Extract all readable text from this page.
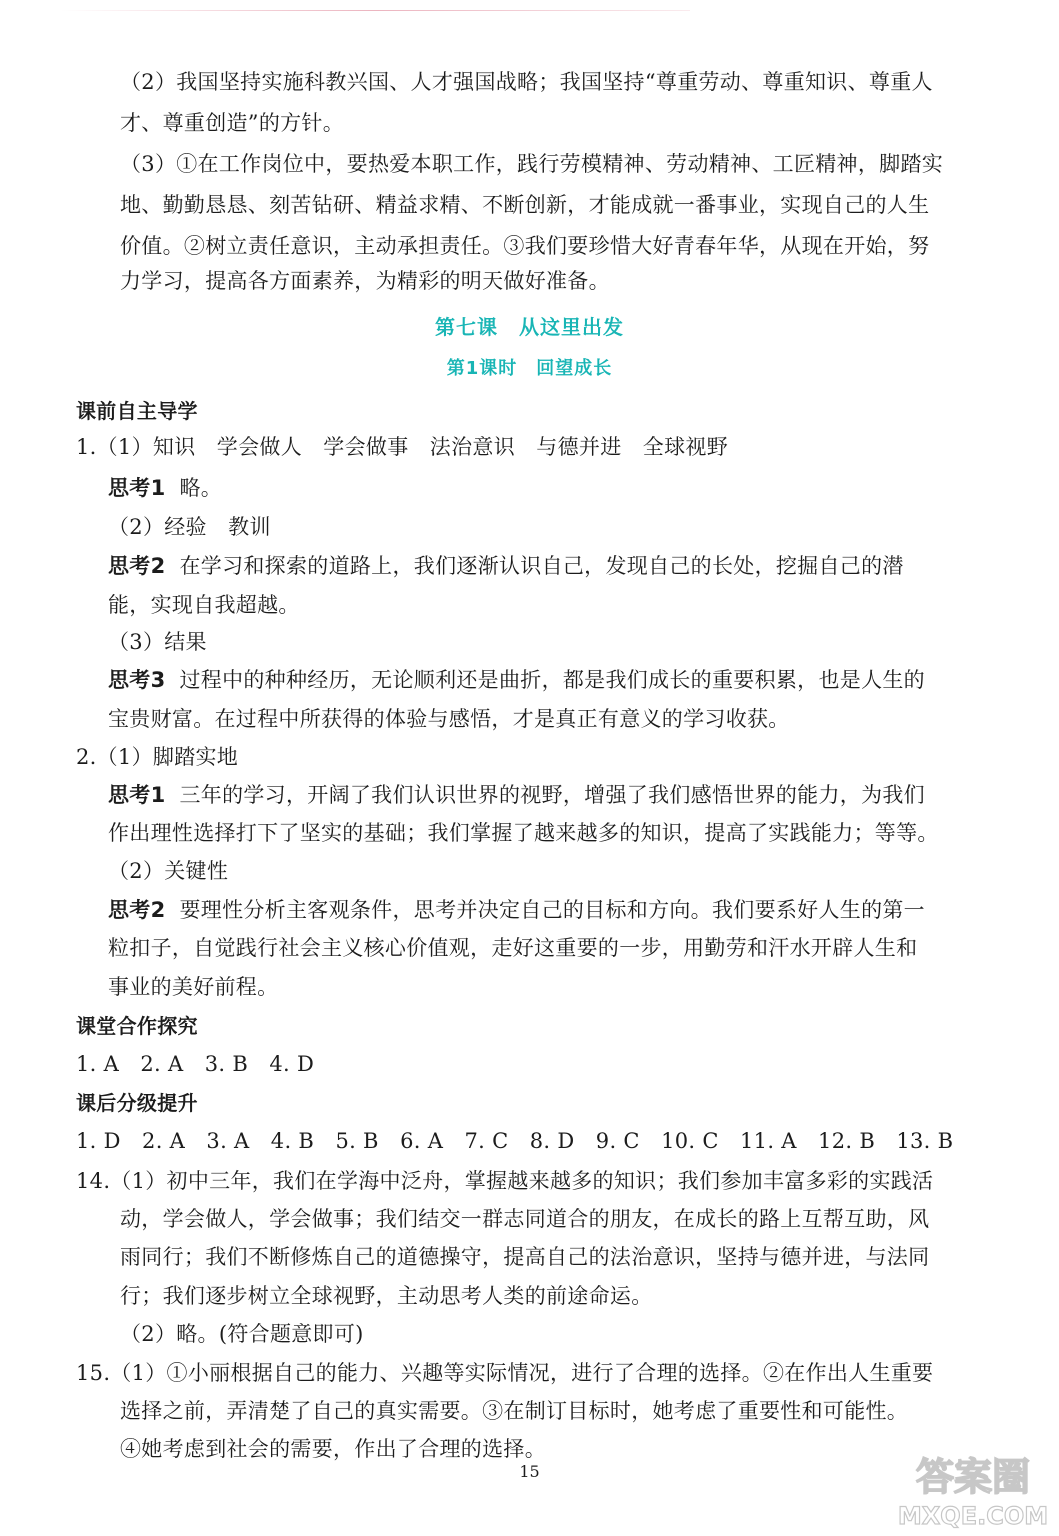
（2）我国坚持实施科教兴国、人才强国战略；我国坚持“尊重劳动、尊重知识、尊重人
才、尊重创造”的方针。
（3）①在工作岗位中，要热爱本职工作，践行劳模精神、劳动精神、工匠精神，脚踏实
地、勤勤恳恳、刻苦钻研、精益求精、不断创新，才能成就一番事业，实现自己的人生
价值。②树立责任意识，主动承担责任。③我们要珍惜大好青春年华，从现在开始，努
力学习，提高各方面素养，为精彩的明天做好准备。
第七课　从这里出发
第1课时　回望成长
课前自主导学
1.（1）知识　学会做人　学会做事　法治意识　与德并进　全球视野
思考1 略。
（2）经验　教训
思考2 在学习和探索的道路上，我们逐渐认识自己，发现自己的长处，挖掘自己的潜
能，实现自我超越。
（3）结果
思考3 过程中的种种经历，无论顺利还是曲折，都是我们成长的重要积累，也是人生的
宝贵财富。在过程中所获得的体验与感悟，才是真正有意义的学习收获。
2.（1）脚踏实地
思考1 三年的学习，开阔了我们认识世界的视野，增强了我们感悟世界的能力，为我们
作出理性选择打下了坚实的基础；我们掌握了越来越多的知识，提高了实践能力；等等。
（2）关键性
思考2 要理性分析主客观条件，思考并决定自己的目标和方向。我们要系好人生的第一
粒扣子，自觉践行社会主义核心价值观，走好这重要的一步，用勤劳和汗水开辟人生和
事业的美好前程。
课堂合作探究
1. A　2. A　3. B　4. D
课后分级提升
1. D　2. A　3. A　4. B　5. B　6. A　7. C　8. D　9. C　10. C　11. A　12. B　13. B
14.（1）初中三年，我们在学海中泛舟，掌握越来越多的知识；我们参加丰富多彩的实践活
动，学会做人，学会做事；我们结交一群志同道合的朋友，在成长的路上互帮互助，风
雨同行；我们不断修炼自己的道德操守，提高自己的法治意识，坚持与德并进，与法同
行；我们逐步树立全球视野，主动思考人类的前途命运。
（2）略。(符合题意即可)
15.（1）①小丽根据自己的能力、兴趣等实际情况，进行了合理的选择。②在作出人生重要
选择之前，弄清楚了自己的真实需要。③在制订目标时，她考虑了重要性和可能性。
④她考虑到社会的需要，作出了合理的选择。
15	答案圈
MXQE.COM
